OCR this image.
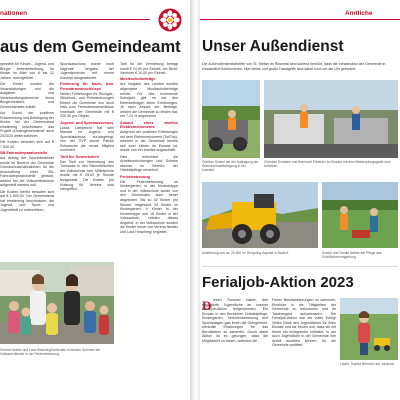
nationen
aus dem Gemeindeamt

spezielle für Kinder-, Jugend- und Bürger ärmerbetreibung, für Kinder im Alter von 6 bis 12 Jahren, durchgeführt.

Die Kinder wurden die Veranstaltungen und die Aufgaben und Verantwortungsbereiche eines Bürgermeisters und Gemeinderates erklärt.

Auf Grund der positiven Rückmeldung und Beteiligung der Kinder hat der Gemeinderat einstimmig beschlossen, das Projekt „Kindergemeinderat“ auch 2023/24 weiterzuführen.

Die Kosten belaufen sich auf € 7.500,00.

SB-Fahrradreparaturstelle

Auf Antrag der Sportobmänner wurde im Bereich der Gemeinde Grundschutzmaßnahmen für die Anschaffung einer SB-Fahrradreparaturstelle gefasst, welche bei der Volksmittelschule aufgestellt werden soll.

Die Kosten hierfür belaufen sich auf € 1.900,00. Der Gemeinderat hat einstimmig beschlossen, die Jugend- und Sport- und Jugendtreff zu unterstützen.

Sportausschuss wurde noch folgende Vergabe der Jugendzentrum mit einem Konzept ausgearbeitet.

Förderung für Nach- bzw. Fernwärmeanschlüsse

Neben Förderungen für Rückgat-, Stückholz- und Pelletsheizungen fördert die Gemeinde nun auch Nah- bzw. Fernwärmeanschlüsse innerhalb der Gemeinde mit € 220,00 pro Objekt.

Jugend- und Sportausschuss

Lukas Lamprecht hat sein Mandat im Jugend- und Sportausschuss zurückgelegt. Von der ÖVP wurde Patrick Schwarzler als neues Mitglied nominiert.

Tarif für Turnierhallen

Der Tarif zur Vermietung des Turnsaals in den Räumlichkeiten der Volksschule bzw. Mittelschule wurde mit € 25,00 je Stunde festgesetzt. Die Kosten pro Nutzung für Vereine sind inbegriffen.

Tarif für die Vermietung beträgt somit € 24,00 pro Einheit, bei Nicht-Vereinen € 10,00 pro Einheit.

Musikschulbeiträge

Auf Vorgabe des Landes wurden allgemeine Musikschulbeiträge erhöht. Für das kommende Schuljahr gibt es bei den Elternbeiträgen keine Erhöhungen. Je nach Anzahl der Beiträge, welche die Gemeinde zu leisten hat, um 7,24 % angehoben.

Ankauf eines zweiten Elektroinstruments

Aufgrund der positiven Erfahrungen mit dem Elektroinstrument (TukTuk), welches in der Gemeinde bereits seit zwei Jahren im Einsatz ist, wurde nun ein zweites angeschafft.

Dies erleichtert die Arbeitsverrichtungen und Schnee räumen im Bereich der Ortsbildpflege erheblich.

Ferienbetreuung

Die Ferienbetreuung im Kindergarten, in der Kinderkrippe und in der Volksschule wurde von den Gemeinden auch heuer angeboten. Bis zu 42 Kinder pro Woche, insgesamt 34 Kinder im Kindergarten, 9 Kinder in der Kinderkrippe und 18 Kinder in der Volksschule, nützten dieses Angebot. In der Volksschule wurden die Kinder heuer von Verena Nestler und Lara Hinschtegl begleitet.

Verena Nestler und Lara Hirschtegl betreuten in diesem Sommer die Volksschulkinder in der Ferienbetreuung.
Amtliche
Unser Außendienst
Die Außendienstmitarbeiter von St. Stefan im Rosental sind laufend bemüht, dass die Infrastruktur der Gemeinde in einwandfrei funktionieren. Hier kleine und große Handgriffe sind dabei rund um die Uhr gefordert.
Günther Schierl bei der Auftragung der Wärmeverkaufsbingung in der Katzdorf.
Christian Schaden und Bernhard Prezinter im Einsatz mit dem Bekämpfungsgerät zum Anfahren.
Anlieferung von ca. 20.000 m³ Recycling-Asphalt in Bauhof.	Evelyn und Gerald Nebler bei Pflege des Grünflächenumgebung.
Ferialjob-Aktion 2023
D iesen Sommer haben drei engagierte Jugendliche an unserer Ferialjob-Aktion teilgenommen. Ein Einsatz in den Bereichen Ortsbildpflege, Kindergarten, Seniorenbetreuung und Sportanlagen gab ihnen die Gelegenheit, wertvolle Erfahrungen für das Berufsleben zu sammeln. Durch diese Aktion ist es gelungen, dass die Möglichkeit zu bieten, während der
Ferien Berufserfahrungen zu sammeln, Einblicke in die Tätigkeiten der Gemeinde zu bekommen und ihr Taschengeld aufzubessern. Die Ferialjob-Aktion war ein voller Erfolg! Vielen Dank den Jugendlichen für ihren Einsatz und wir freuen uns, dass wir mit Ihnen ein erfolgreiche Initiative, in der auch Jugendliche in der Gemeinde ihre Arbeit ausüben können, für die Gemeinde profitiert.
Lepier, Sophia Bernard und Johanna
